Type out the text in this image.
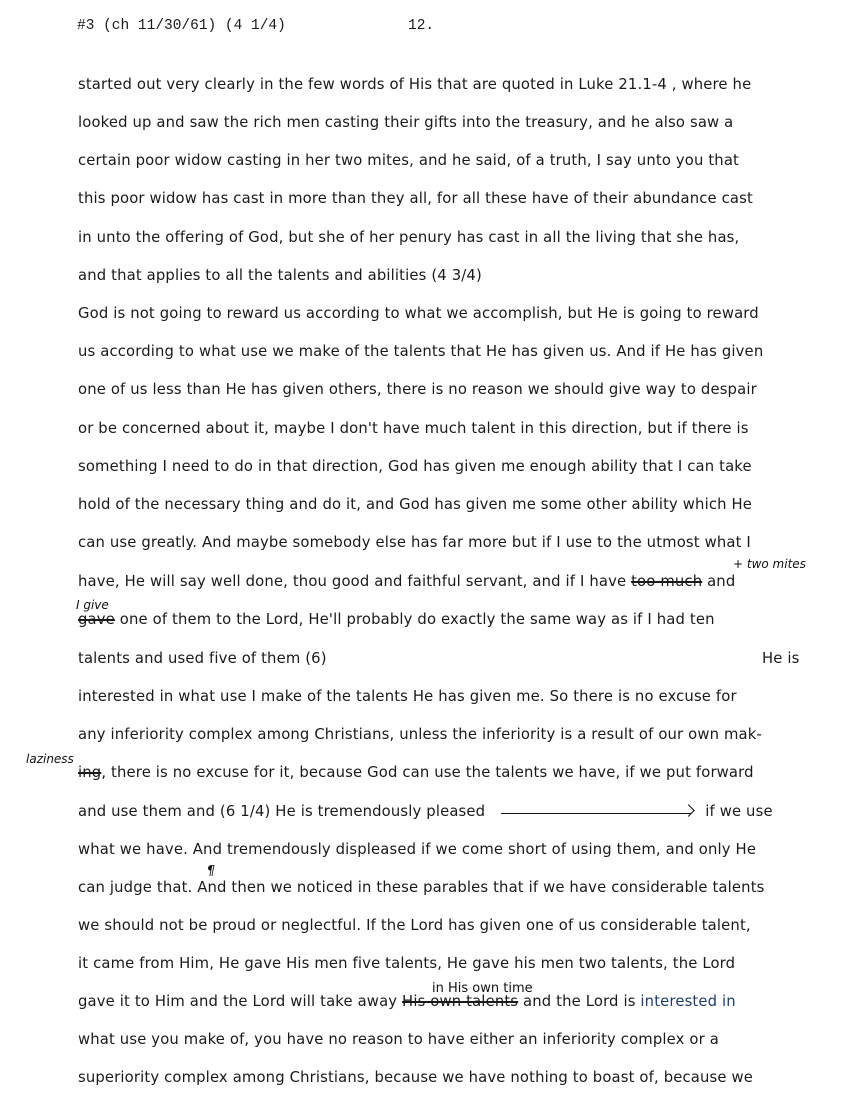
#3 (ch 11/30/61) (4 1/4)	12.
started out very clearly in the few words of His that are quoted in Luke 21.1-4 , where he
looked up and saw the rich men casting their gifts into the treasury, and he also saw a
certain poor widow casting in her two mites, and he said, of a truth, I say unto you that
this poor widow has cast in more than they all, for all these have of their abundance cast
in unto the offering of God, but she of her penury has cast in all the living that she has,
and that applies to all the talents and abilities (4 3/4)
God is not going to reward us according to what we accomplish, but He is going to reward
us according to what use we make of the talents that He has given us. And if He has given
one of us less than He has given others, there is no reason we should give way to despair
or be concerned about it, maybe I don't have much talent in this direction, but if there is
something I need to do in that direction, God has given me enough ability that I can take
hold of the necessary thing and do it, and God has given me some other ability which He
can use greatly. And maybe somebody else has far more but if I use to the utmost what I
+ two mites
have, He will say well done, thou good and faithful servant, and if I have too much and
I give
gave one of them to the Lord, He'll probably do exactly the same way as if I had ten
talents and used five of them (6)	He is
interested in what use I make of the talents He has given me. So there is no excuse for
any inferiority complex among Christians, unless the inferiority is a result of our own mak-
laziness
ing, there is no excuse for it, because God can use the talents we have, if we put forward
and use them and (6 1/4) He is tremendously pleased	if we use
what we have. And tremendously displeased if we come short of using them, and only He
¶
can judge that. And then we noticed in these parables that if we have considerable talents
we should not be proud or neglectful. If the Lord has given one of us considerable talent,
it came from Him, He gave His men five talents, He gave his men two talents, the Lord
in His own time
gave it to Him and the Lord will take away His own talents and the Lord is interested in
what use you make of, you have no reason to have either an inferiority complex or a
superiority complex among Christians, because we have nothing to boast of, because we
